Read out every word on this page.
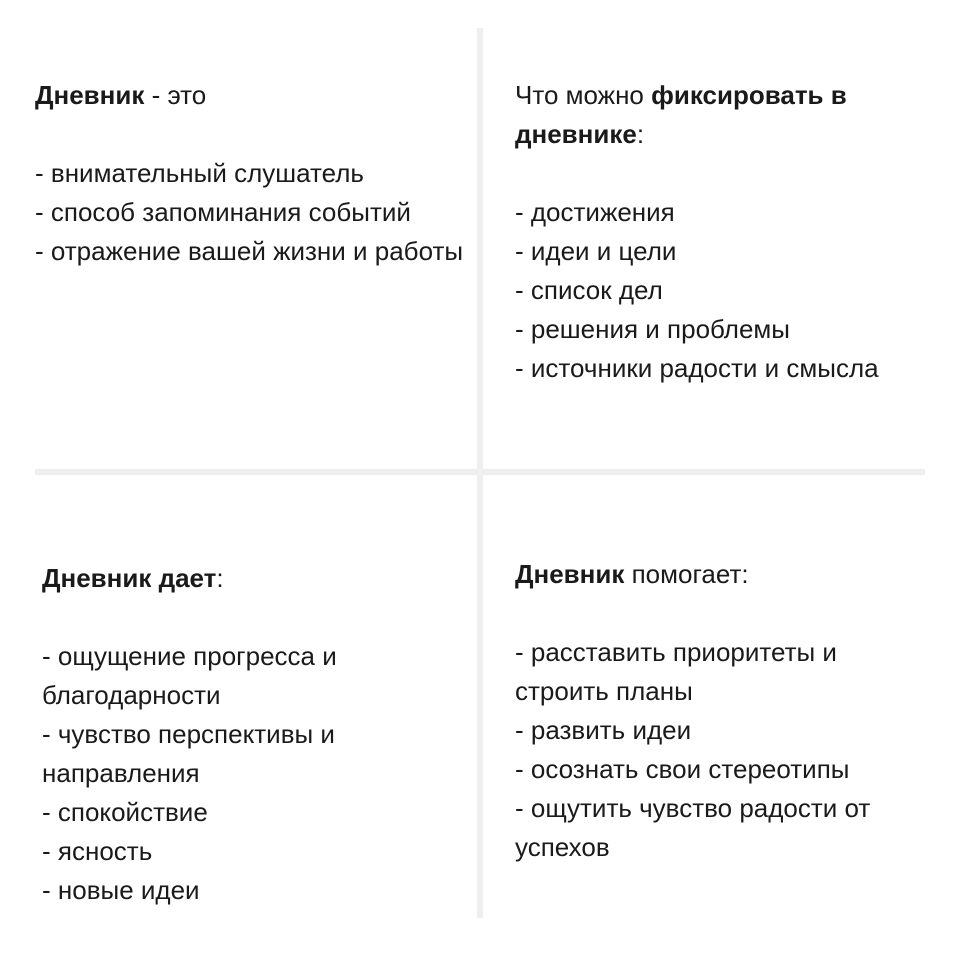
Дневник - это

- внимательный слушатель
- способ запоминания событий
- отражение вашей жизни и работы

Что можно фиксировать в дневнике:

- достижения
- идеи и цели
- список дел
- решения и проблемы
- источники радости и смысла

Дневник дает:

- ощущение прогресса и благодарности
- чувство перспективы и направления
- спокойствие
- ясность
- новые идеи

Дневник помогает:

- расставить приоритеты и строить планы
- развить идеи
- осознать свои стереотипы
- ощутить чувство радости от успехов
